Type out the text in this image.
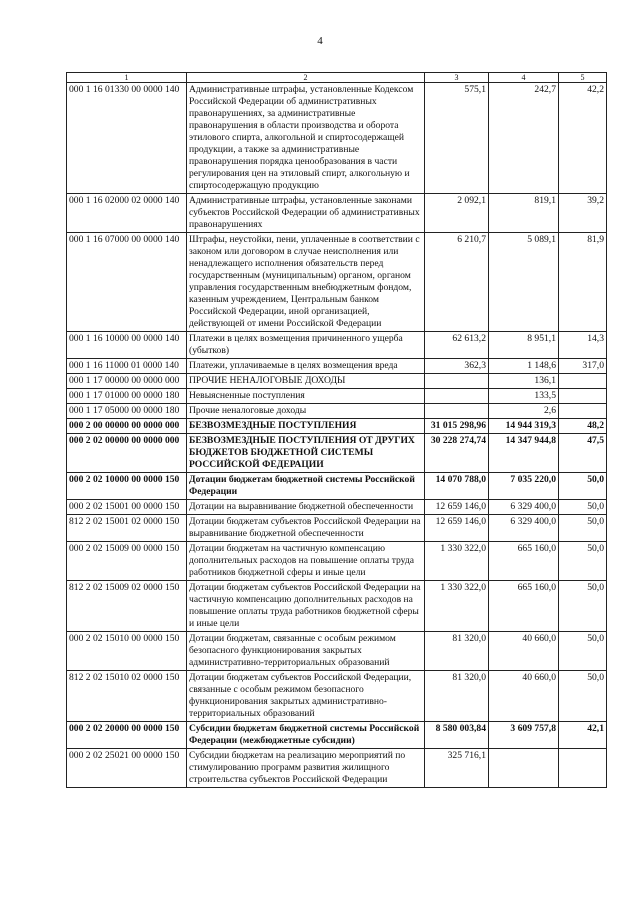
4
1	2	3	4	5
000 1 16 01330 00 0000 140	Административные штрафы, установленные Кодексом Российской Федерации об административных правонарушениях, за административные правонарушения в области производства и оборота этилового спирта, алкогольной и спиртосодержащей продукции, а также за административные правонарушения порядка ценообразования в части регулирования цен на этиловый спирт, алкогольную и спиртосодержащую продукцию	575,1	242,7	42,2
000 1 16 02000 02 0000 140	Административные штрафы, установленные законами субъектов Российской Федерации об административных правонарушениях	2 092,1	819,1	39,2
000 1 16 07000 00 0000 140	Штрафы, неустойки, пени, уплаченные в соответствии с законом или договором в случае неисполнения или ненадлежащего исполнения обязательств перед государственным (муниципальным) органом, органом управления государственным внебюджетным фондом, казенным учреждением, Центральным банком Российской Федерации, иной организацией, действующей от имени Российской Федерации	6 210,7	5 089,1	81,9
000 1 16 10000 00 0000 140	Платежи в целях возмещения причиненного ущерба (убытков)	62 613,2	8 951,1	14,3
000 1 16 11000 01 0000 140	Платежи, уплачиваемые в целях возмещения вреда	362,3	1 148,6	317,0
000 1 17 00000 00 0000 000	ПРОЧИЕ НЕНАЛОГОВЫЕ ДОХОДЫ		136,1	
000 1 17 01000 00 0000 180	Невыясненные поступления		133,5	
000 1 17 05000 00 0000 180	Прочие неналоговые доходы		2,6	
000 2 00 00000 00 0000 000	БЕЗВОЗМЕЗДНЫЕ ПОСТУПЛЕНИЯ	31 015 298,96	14 944 319,3	48,2
000 2 02 00000 00 0000 000	БЕЗВОЗМЕЗДНЫЕ ПОСТУПЛЕНИЯ ОТ ДРУГИХ БЮДЖЕТОВ БЮДЖЕТНОЙ СИСТЕМЫ РОССИЙСКОЙ ФЕДЕРАЦИИ	30 228 274,74	14 347 944,8	47,5
000 2 02 10000 00 0000 150	Дотации бюджетам бюджетной системы Российской Федерации	14 070 788,0	7 035 220,0	50,0
000 2 02 15001 00 0000 150	Дотации на выравнивание бюджетной обеспеченности	12 659 146,0	6 329 400,0	50,0
812 2 02 15001 02 0000 150	Дотации бюджетам субъектов Российской Федерации на выравнивание бюджетной обеспеченности	12 659 146,0	6 329 400,0	50,0
000 2 02 15009 00 0000 150	Дотации бюджетам на частичную компенсацию дополнительных расходов на повышение оплаты труда работников бюджетной сферы и иные цели	1 330 322,0	665 160,0	50,0
812 2 02 15009 02 0000 150	Дотации бюджетам субъектов Российской Федерации на частичную компенсацию дополнительных расходов на повышение оплаты труда работников бюджетной сферы и иные цели	1 330 322,0	665 160,0	50,0
000 2 02 15010 00 0000 150	Дотации бюджетам, связанные с особым режимом безопасного функционирования закрытых административно-территориальных образований	81 320,0	40 660,0	50,0
812 2 02 15010 02 0000 150	Дотации бюджетам субъектов Российской Федерации, связанные с особым режимом безопасного функционирования закрытых административно-территориальных образований	81 320,0	40 660,0	50,0
000 2 02 20000 00 0000 150	Субсидии бюджетам бюджетной системы Российской Федерации (межбюджетные субсидии)	8 580 003,84	3 609 757,8	42,1
000 2 02 25021 00 0000 150	Субсидии бюджетам на реализацию мероприятий по стимулированию программ развития жилищного строительства субъектов Российской Федерации	325 716,1		
